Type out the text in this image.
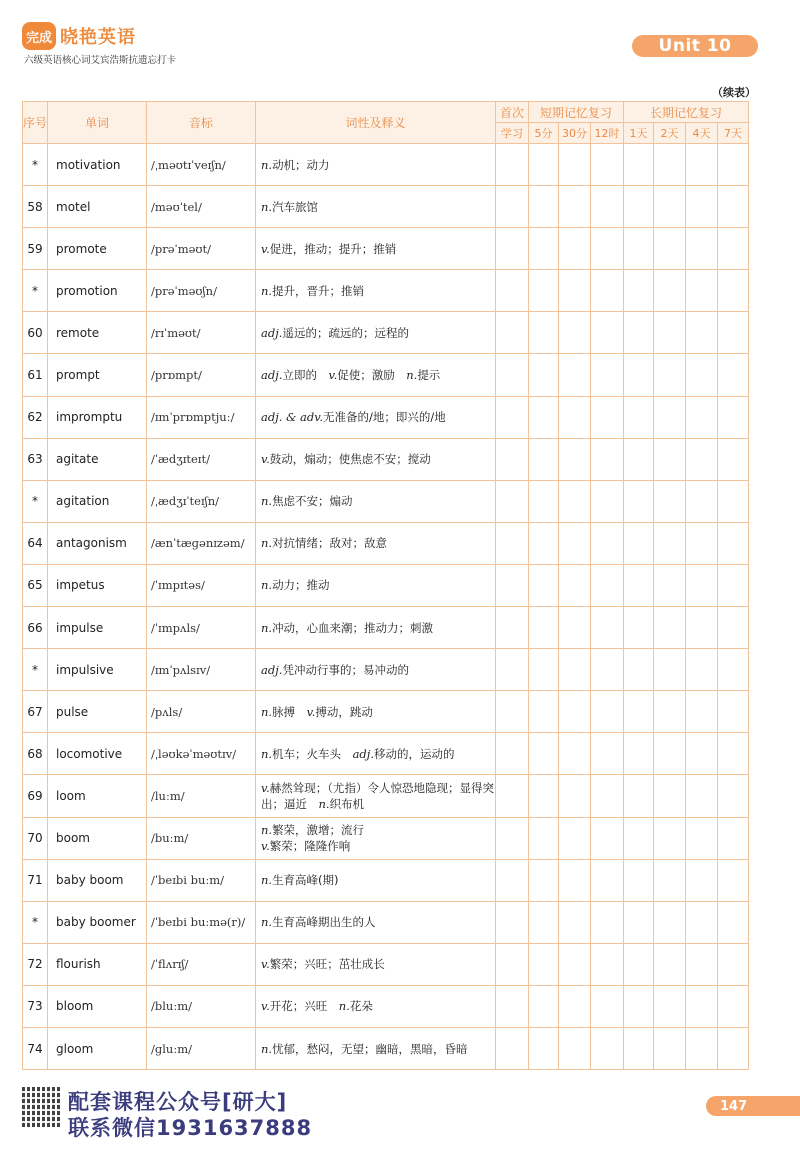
完成 晓艳英语
六级英语核心词艾宾浩斯抗遗忘打卡
Unit 10
（续表）
序号	单词	音标	词性及释义	首次	短期记忆复习			长期记忆复习			
				学习	5分	30分	12时	1天	2天	4天	7天
*	motivation	/ˌməʊtɪˈveɪʃn/	n.动机；动力								
58	motel	/məʊˈtel/	n.汽车旅馆								
59	promote	/prəˈməʊt/	v.促进，推动；提升；推销								
*	promotion	/prəˈməʊʃn/	n.提升，晋升；推销								
60	remote	/rɪˈməʊt/	adj.遥远的；疏远的；远程的								
61	prompt	/prɒmpt/	adj.立即的　v.促使；激励　n.提示								
62	impromptu	/ɪmˈprɒmptjuː/	adj. & adv.无准备的/地；即兴的/地								
63	agitate	/ˈædʒɪteɪt/	v.鼓动，煽动；使焦虑不安；搅动								
*	agitation	/ˌædʒɪˈteɪʃn/	n.焦虑不安；煽动								
64	antagonism	/ænˈtæɡənɪzəm/	n.对抗情绪；敌对；敌意								
65	impetus	/ˈɪmpɪtəs/	n.动力；推动								
66	impulse	/ˈɪmpʌls/	n.冲动，心血来潮；推动力；刺激								
*	impulsive	/ɪmˈpʌlsɪv/	adj.凭冲动行事的；易冲动的								
67	pulse	/pʌls/	n.脉搏　v.搏动，跳动								
68	locomotive	/ˌləʊkəˈməʊtɪv/	n.机车；火车头　adj.移动的，运动的								
69	loom	/luːm/	v.赫然耸现；（尤指）令人惊恐地隐现；显得突出；逼近　n.织布机								
70	boom	/buːm/	n.繁荣，激增；流行
v.繁荣；隆隆作响								
71	baby boom	/ˈbeɪbi buːm/	n.生育高峰(期)								
*	baby boomer	/ˈbeɪbi buːmə(r)/	n.生育高峰期出生的人								
72	flourish	/ˈflʌrɪʃ/	v.繁荣；兴旺；茁壮成长								
73	bloom	/bluːm/	v.开花；兴旺　n.花朵								
74	gloom	/ɡluːm/	n.忧郁，愁闷，无望；幽暗，黑暗，昏暗								
配套课程公众号[研大]
联系微信1931637888
147
